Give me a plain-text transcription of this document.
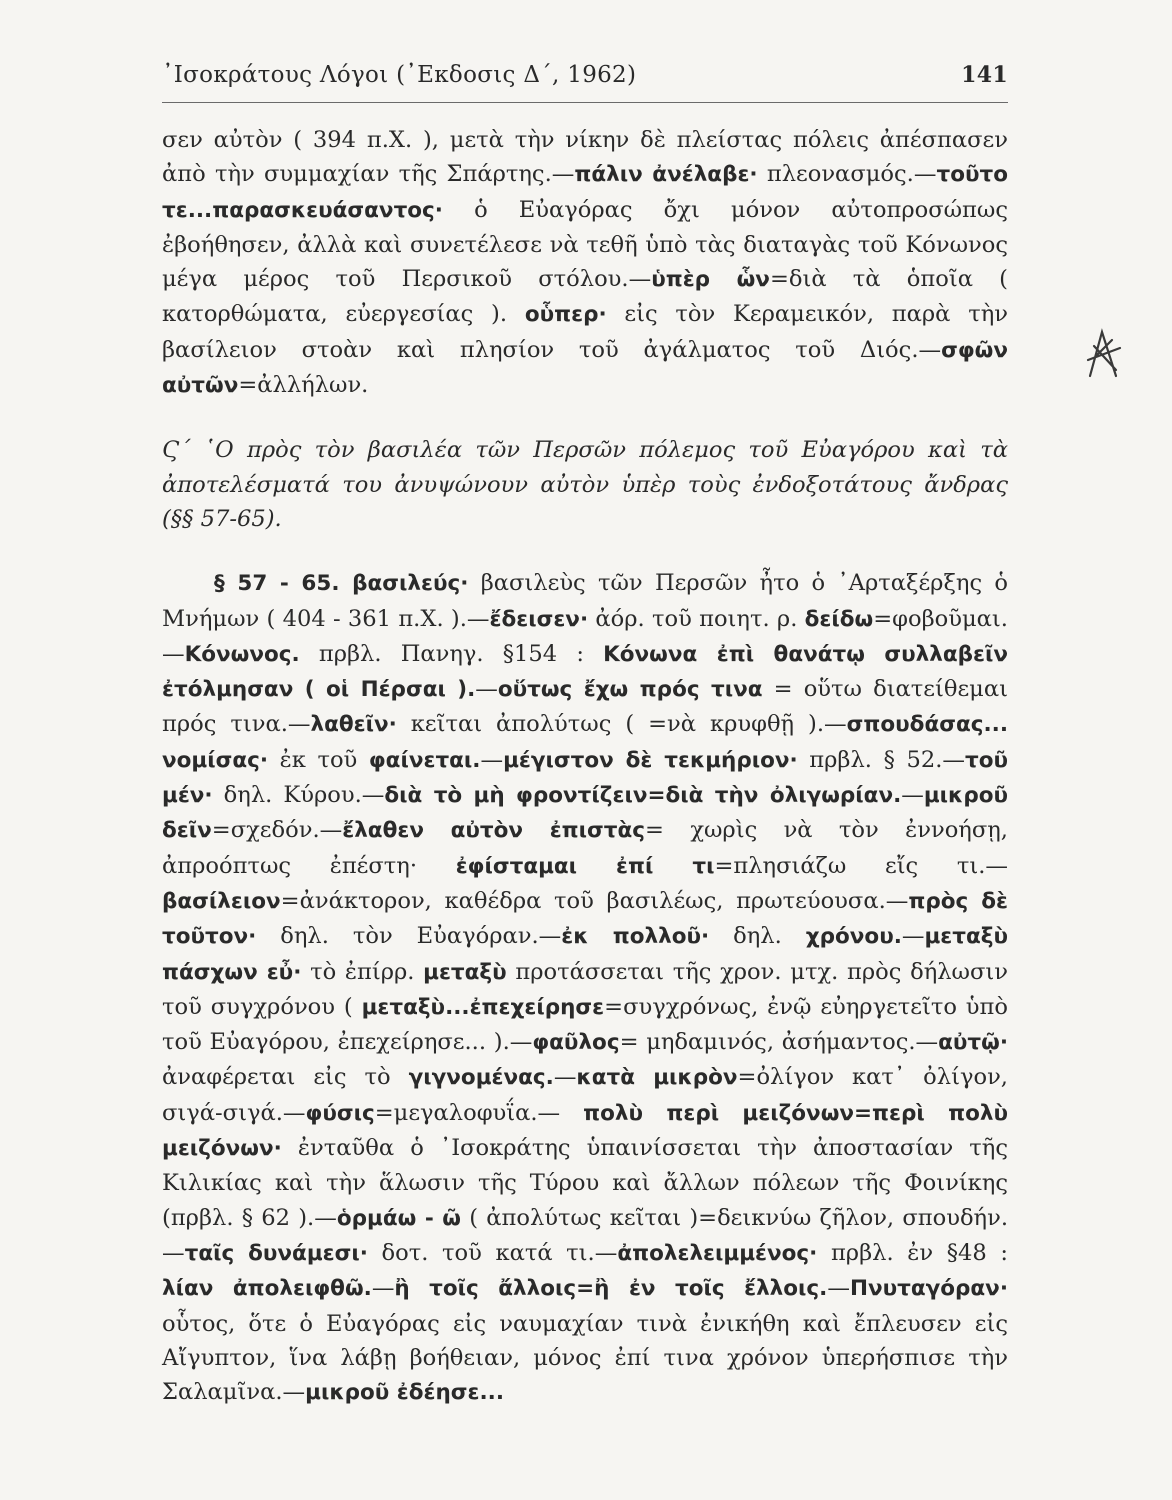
᾿Ισοκράτους Λόγοι (᾿Εκδοσις Δ΄, 1962)	141

σεν αὐτὸν ( 394 π.Χ. ), μετὰ τὴν νίκην δὲ πλείστας πόλεις ἀπέσπασεν ἀπὸ τὴν συμμαχίαν τῆς Σπάρτης.—πάλιν ἀνέλαβε· πλεονασμός.—τοῦτο τε...παρασκευάσαντος· ὁ Εὐαγόρας ὄχι μόνον αὐτοπροσώπως ἐβοήθησεν, ἀλλὰ καὶ συνετέλεσε νὰ τεθῆ ὑπὸ τὰς διαταγὰς τοῦ Κόνωνος μέγα μέρος τοῦ Περσικοῦ στόλου.—ὑπὲρ ὧν=διὰ τὰ ὁποῖα ( κατορθώματα, εὐεργεσίας ). οὗπερ· εἰς τὸν Κεραμεικόν, παρὰ τὴν βασίλειον στοὰν καὶ πλησίον τοῦ ἀγάλματος τοῦ Διός.—σφῶν αὐτῶν=ἀλλήλων.

Ϛ΄ ῾Ο πρὸς τὸν βασιλέα τῶν Περσῶν πόλεμος τοῦ Εὐαγόρου καὶ τὰ ἀποτελέσματά του ἀνυψώνουν αὐτὸν ὑπὲρ τοὺς ἐνδοξοτάτους ἄνδρας (§§ 57-65).

§ 57 - 65. βασιλεύς· βασιλεὺς τῶν Περσῶν ἦτο ὁ ᾿Αρταξέρξης ὁ Μνήμων ( 404 - 361 π.Χ. ).—ἔδεισεν· ἀόρ. τοῦ ποιητ. ρ. δείδω=φοβοῦμαι.—Κόνωνος. πρβλ. Πανηγ. §154 : Κόνωνα ἐπὶ θανάτῳ συλλαβεῖν ἐτόλμησαν ( οἱ Πέρσαι ).—οὕτως ἔχω πρός τινα = οὕτω διατείθεμαι πρός τινα.—λαθεῖν· κεῖται ἀπολύτως ( =νὰ κρυφθῇ ).—σπουδάσας... νομίσας· ἐκ τοῦ φαίνεται.—μέγιστον δὲ τεκμήριον· πρβλ. § 52.—τοῦ μέν· δηλ. Κύρου.—διὰ τὸ μὴ φροντίζειν=διὰ τὴν ὀλιγωρίαν.—μικροῦ δεῖν=σχεδόν.—ἔλαθεν αὐτὸν ἐπιστὰς= χωρὶς νὰ τὸν ἐννοήσῃ, ἀπροόπτως ἐπέστη· ἐφίσταμαι ἐπί τι=πλησιάζω εἴς τι.—βασίλειον=ἀνάκτορον, καθέδρα τοῦ βασιλέως, πρωτεύουσα.—πρὸς δὲ τοῦτον· δηλ. τὸν Εὐαγόραν.—ἐκ πολλοῦ· δηλ. χρόνου.—μεταξὺ πάσχων εὖ· τὸ ἐπίρρ. μεταξὺ προτάσσεται τῆς χρον. μτχ. πρὸς δήλωσιν τοῦ συγχρόνου ( μεταξὺ...ἐπεχείρησε=συγχρόνως, ἐνῷ εὐηργετεῖτο ὑπὸ τοῦ Εὐαγόρου, ἐπεχείρησε... ).—φαῦλος= μηδαμινός, ἀσήμαντος.—αὐτῷ· ἀναφέρεται εἰς τὸ γιγνομένας.—κατὰ μικρὸν=ὀλίγον κατ᾿ ὀλίγον, σιγά-σιγά.—φύσις=μεγαλοφυΐα.— πολὺ περὶ μειζόνων=περὶ πολὺ μειζόνων· ἐνταῦθα ὁ ᾿Ισοκράτης ὑπαινίσσεται τὴν ἀποστασίαν τῆς Κιλικίας καὶ τὴν ἅλωσιν τῆς Τύρου καὶ ἄλλων πόλεων τῆς Φοινίκης (πρβλ. § 62 ).—ὁρμάω - ῶ ( ἀπολύτως κεῖται )=δεικνύω ζῆλον, σπουδήν.—ταῖς δυνάμεσι· δοτ. τοῦ κατά τι.—ἀπολελειμμένος· πρβλ. ἐν §48 : λίαν ἀπολειφθῶ.—ἢ τοῖς ἄλλοις=ἢ ἐν τοῖς ἔλλοις.—Πνυταγόραν· οὗτος, ὅτε ὁ Εὐαγόρας εἰς ναυμαχίαν τινὰ ἐνικήθη καὶ ἔπλευσεν εἰς Αἴγυπτον, ἵνα λάβῃ βοήθειαν, μόνος ἐπί τινα χρόνον ὑπερήσπισε τὴν Σαλαμῖνα.—μικροῦ ἐδέησε...
